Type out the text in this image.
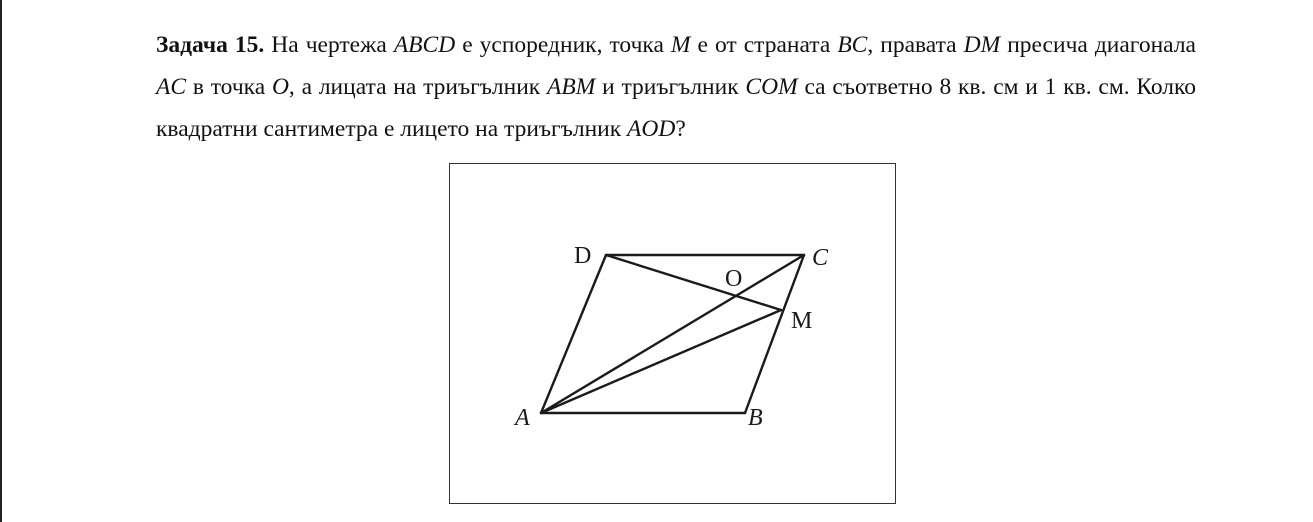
Задача 15. На чертежа ABCD е успоредник, точка M е от страната BC, правата DM пресича диагонала AC в точка O, а лицата на триъгълник ABM и триъгълник COM са съответно 8 кв. см и 1 кв. см. Колко квадратни сантиметра е лицето на триъгълник AOD?

D	C
O
M
A	B
